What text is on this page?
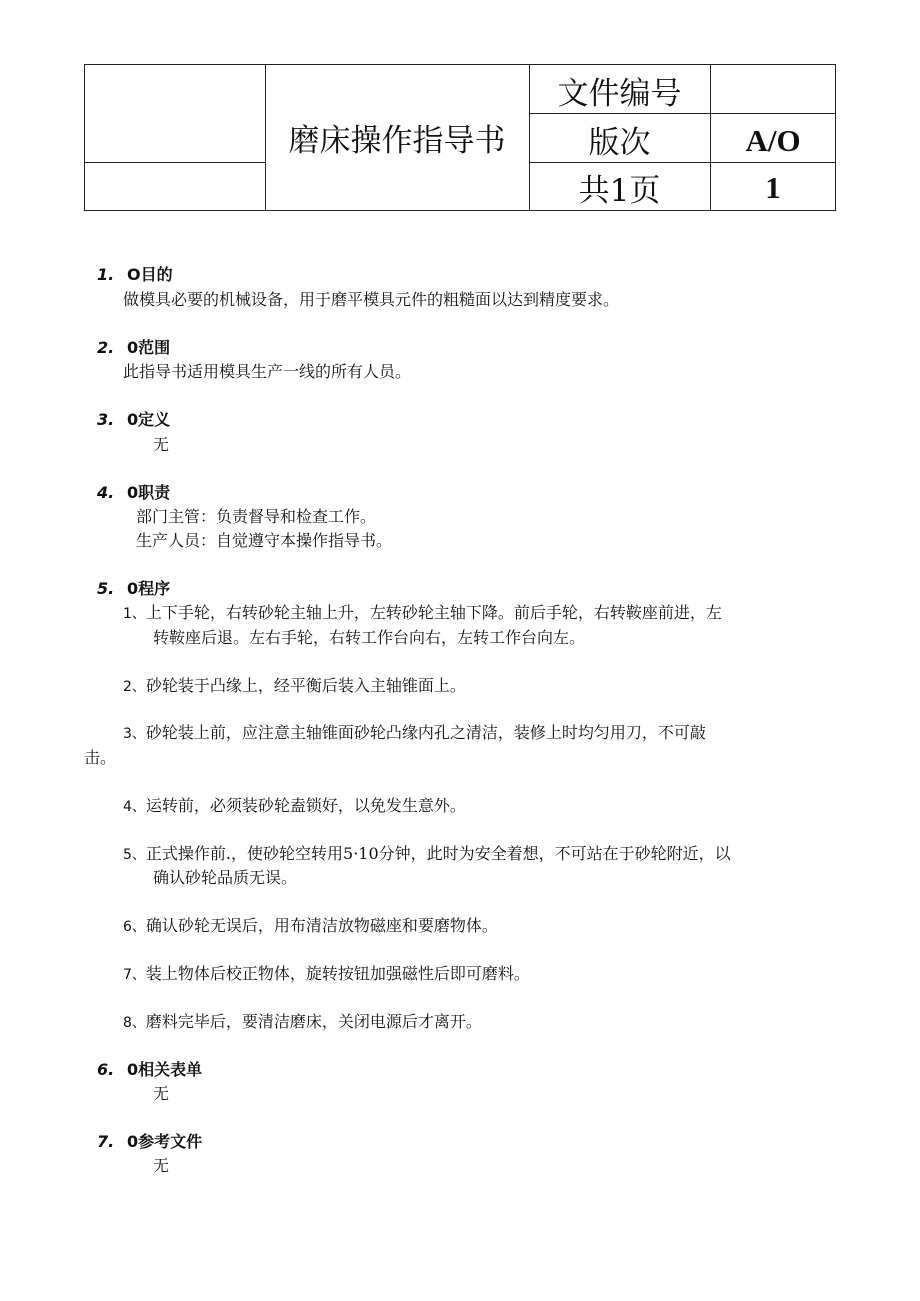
磨床操作指导书
文件编号
版次	A/O
共1页	1
1. O目的
做模具必要的机械设备，用于磨平模具元件的粗糙面以达到精度要求。
2. 0范围
此指导书适用模具生产一线的所有人员。
3. 0定义
无
4. 0职责
部门主管：负责督导和检查工作。
生产人员：自觉遵守本操作指导书。
5. 0程序
1、上下手轮，右转砂轮主轴上升，左转砂轮主轴下降。前后手轮，右转鞍座前进，左
转鞍座后退。左右手轮，右转工作台向右，左转工作台向左。
2、砂轮装于凸缘上，经平衡后装入主轴锥面上。
3、砂轮装上前，应注意主轴锥面砂轮凸缘内孔之清洁，装修上时均匀用刀，不可敲
击。
4、运转前，必须装砂轮盍锁好，以免发生意外。
5、正式操作前.，使砂轮空转用5·10分钟，此时为安全着想，不可站在于砂轮附近，以
确认砂轮品质无误。
6、确认砂轮无误后，用布清洁放物磁座和要磨物体。
7、装上物体后校正物体，旋转按钮加强磁性后即可磨料。
8、磨料完毕后，要清洁磨床，关闭电源后才离开。
6. 0相关表单
无
7. 0参考文件
无
